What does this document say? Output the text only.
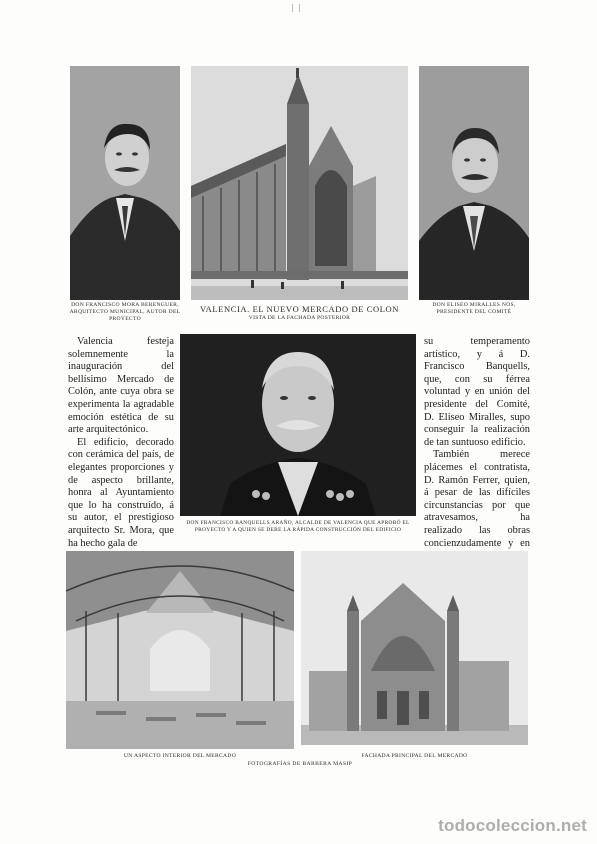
DON FRANCISCO MORA BERENGUER, ARQUITECTO MUNICIPAL, AUTOR DEL PROYECTO
VALENCIA. EL NUEVO MERCADO DE COLON
VISTA DE LA FACHADA POSTERIOR
DON ELISEO MIRALLES NOS, PRESIDENTE DEL COMITÉ

Valencia festeja solemnemente la inauguración del bellísimo Mercado de Colón, ante cuya obra se experimenta la agradable emoción estética de su arte arquitectónico.

El edificio, decorado con cerámica del país, de elegantes proporciones y de aspecto brillante, honra al Ayuntamiento que lo ha construído, á su autor, el prestigioso arquitecto Sr. Mora, que ha hecho gala de

DON FRANCISCO BANQUELLS ARAÑO, ALCALDE DE VALENCIA QUE APROBÓ EL PROYECTO Y A QUIEN SE DEBE LA RÁPIDA CONSTRUCCIÓN DEL EDIFICIO

su temperamento artístico, y á D. Francisco Banquells, que, con su férrea voluntad y en unión del presidente del Comité, D. Eliseo Miralles, supo conseguir la realización de tan suntuoso edificio.

También merece plácemes el contratista, D. Ramón Ferrer, quien, á pesar de las difíciles circunstancias por que atravesamos, ha realizado las obras concienzudamente y en

UN ASPECTO INTERIOR DEL MERCADO	FACHADA PRINCIPAL DEL MERCADO
FOTOGRAFÍAS DE BARBERA MASIP
todocoleccion.net
